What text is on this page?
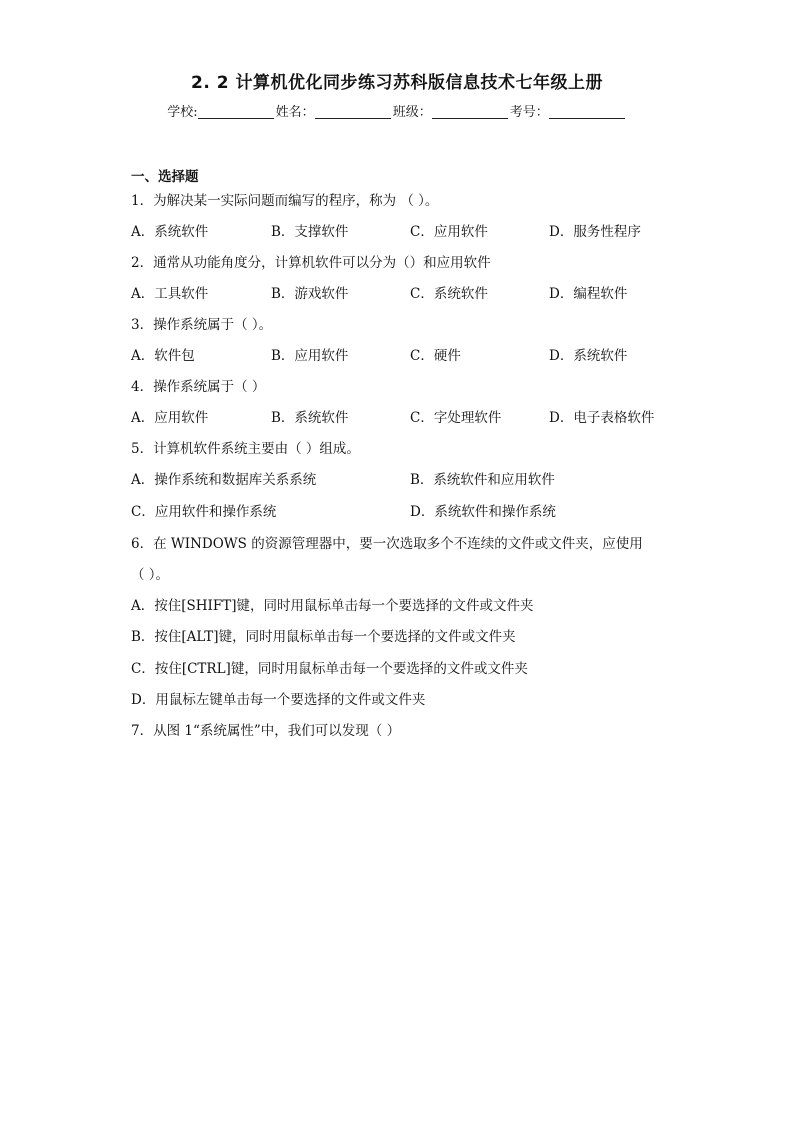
2. 2 计算机优化同步练习苏科版信息技术七年级上册
学校:	姓名：	班级：	考号：
一、选择题
1．为解决某一实际问题而编写的程序，称为 （ ）。
A．系统软件	B．支撑软件	C．应用软件	D．服务性程序
2．通常从功能角度分，计算机软件可以分为（）和应用软件
A．工具软件	B．游戏软件	C．系统软件	D．编程软件
3．操作系统属于（ ）。
A．软件包	B．应用软件	C．硬件	D．系统软件
4．操作系统属于（ ）
A．应用软件	B．系统软件	C．字处理软件	D．电子表格软件
5．计算机软件系统主要由（ ）组成。
A．操作系统和数据库关系系统	B．系统软件和应用软件
C．应用软件和操作系统	D．系统软件和操作系统
6．在 WINDOWS 的资源管理器中，要一次选取多个不连续的文件或文件夹，应使用
（ ）。
A．按住[SHIFT]键，同时用鼠标单击每一个要选择的文件或文件夹
B．按住[ALT]键，同时用鼠标单击每一个要选择的文件或文件夹
C．按住[CTRL]键，同时用鼠标单击每一个要选择的文件或文件夹
D．用鼠标左键单击每一个要选择的文件或文件夹
7．从图 1“系统属性”中，我们可以发现（ ）
